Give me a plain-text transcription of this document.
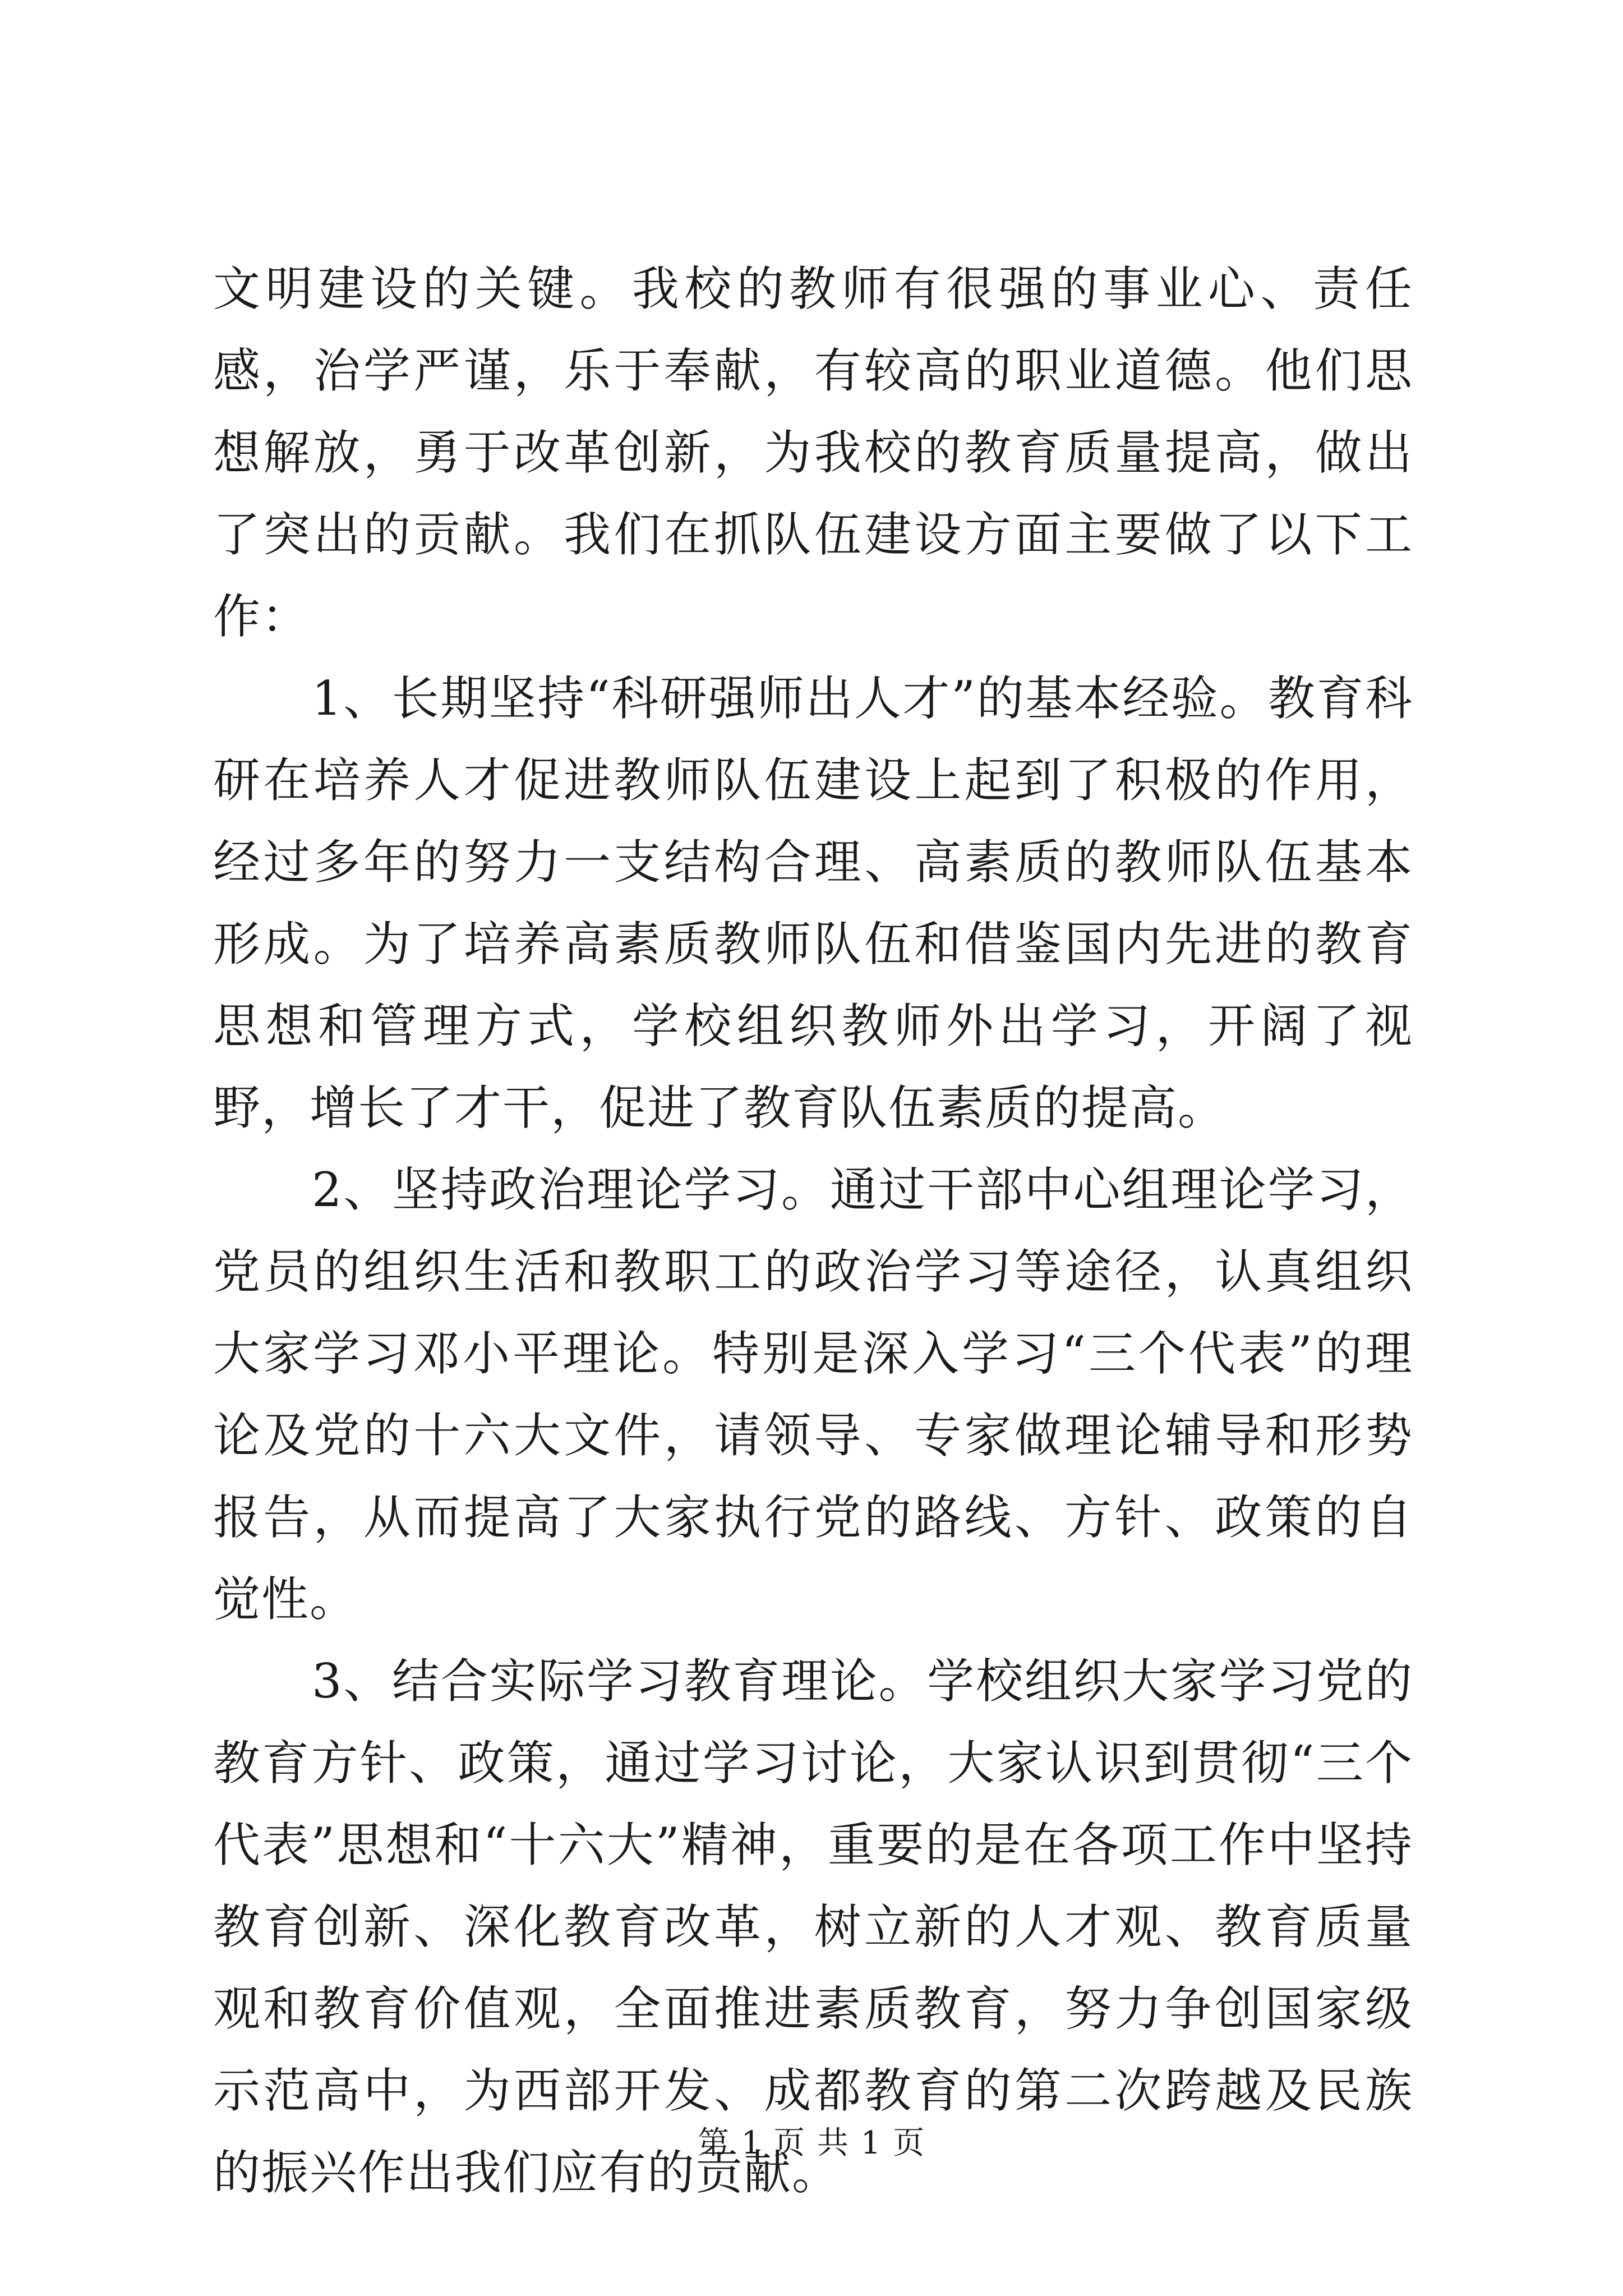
文明建设的关键。我校的教师有很强的事业心、责任感，治学严谨，乐于奉献，有较高的职业道德。他们思想解放，勇于改革创新，为我校的教育质量提高，做出了突出的贡献。我们在抓队伍建设方面主要做了以下工作：

1、长期坚持“科研强师出人才”的基本经验。教育科研在培养人才促进教师队伍建设上起到了积极的作用，经过多年的努力一支结构合理、高素质的教师队伍基本形成。为了培养高素质教师队伍和借鉴国内先进的教育思想和管理方式，学校组织教师外出学习，开阔了视野，增长了才干，促进了教育队伍素质的提高。

2、坚持政治理论学习。通过干部中心组理论学习，党员的组织生活和教职工的政治学习等途径，认真组织大家学习邓小平理论。特别是深入学习“三个代表”的理论及党的十六大文件，请领导、专家做理论辅导和形势报告，从而提高了大家执行党的路线、方针、政策的自觉性。

3、结合实际学习教育理论。学校组织大家学习党的教育方针、政策，通过学习讨论，大家认识到贯彻“三个代表”思想和“十六大”精神，重要的是在各项工作中坚持教育创新、深化教育改革，树立新的人才观、教育质量观和教育价值观，全面推进素质教育，努力争创国家级示范高中，为西部开发、成都教育的第二次跨越及民族的振兴作出我们应有的贡献。

第 1 页 共 1 页
